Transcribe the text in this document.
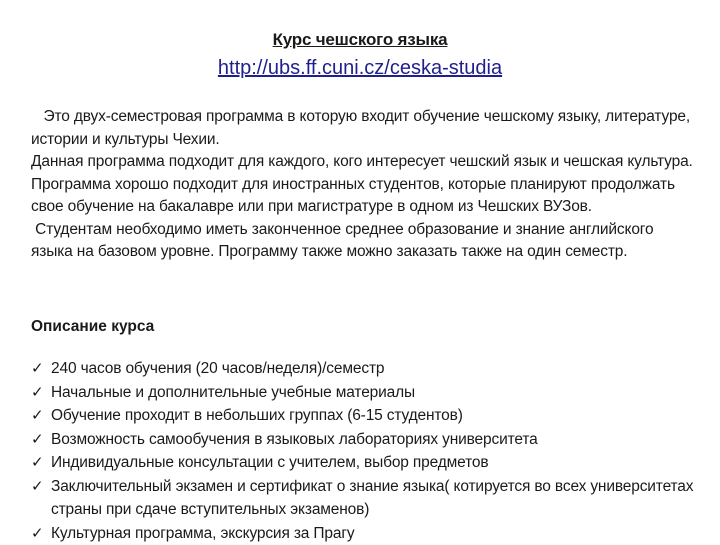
Курс чешского языка
http://ubs.ff.cuni.cz/ceska-studia

Это двух-семестровая программа в которую входит обучение чешскому языку, литературе, истории и культуры Чехии.

Данная программа подходит для каждого, кого интересует чешский язык и чешская культура. Программа хорошо подходит для иностранных студентов, которые планируют продолжать свое обучение на бакалавре или при магистратуре в одном из Чешских ВУЗов.

Студентам необходимо иметь законченное среднее образование и знание английского языка на базовом уровне. Программу также можно заказать также на один семестр.

Описание курса
✓ 240 часов обучения (20 часов/неделя)/семестр
✓ Начальные и дополнительные учебные материалы
✓ Обучение проходит в небольших группах (6-15 студентов)
✓ Возможность самообучения в языковых лабораториях университета
✓ Индивидуальные консультации с учителем, выбор предметов
✓ Заключительный экзамен и сертификат о знание языка( котируется во всех университетах страны при сдаче вступительных экзаменов)
✓ Культурная программа, экскурсия за Прагу
